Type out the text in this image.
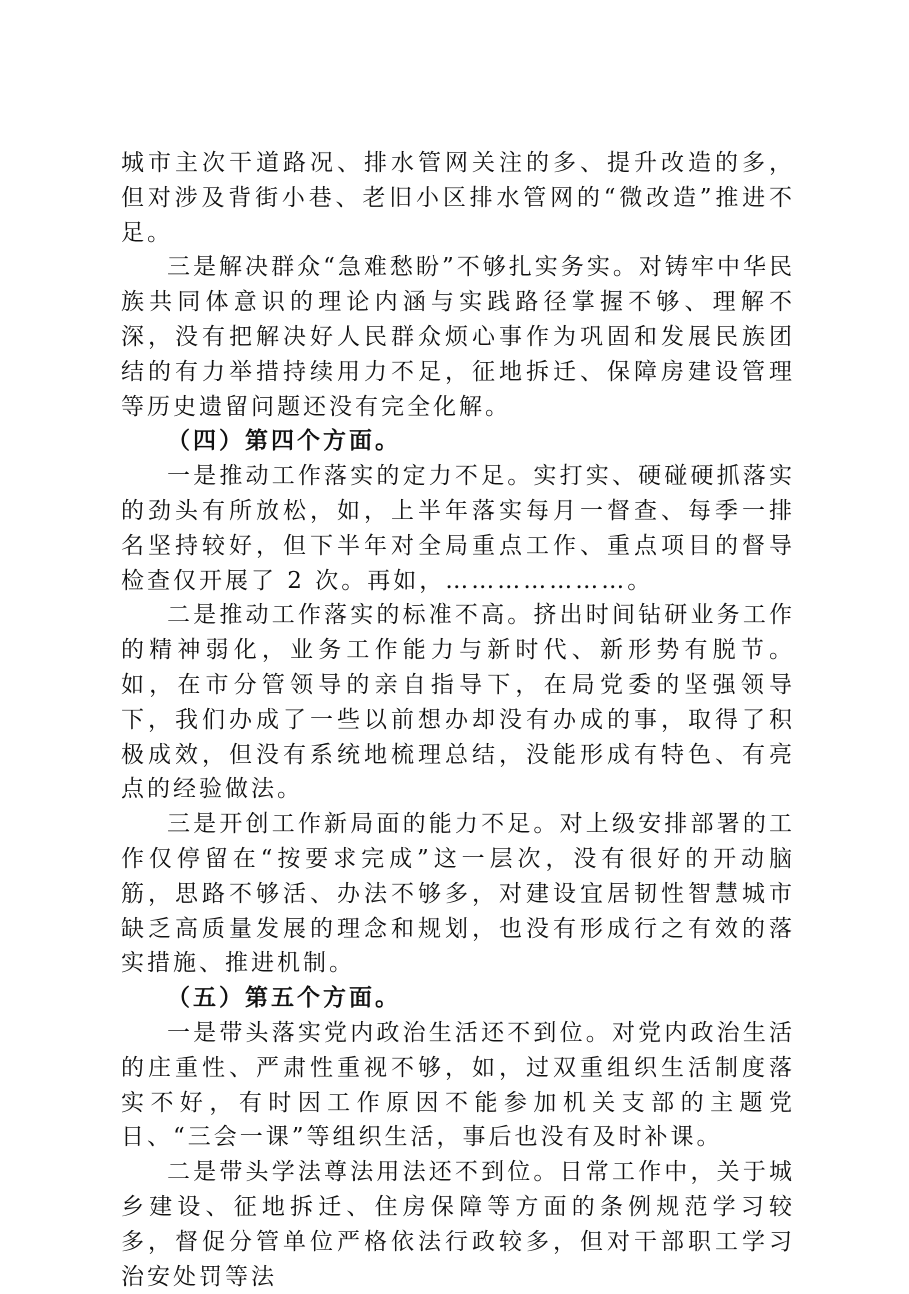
城市主次干道路况、排水管网关注的多、提升改造的多，但对涉及背街小巷、老旧小区排水管网的“微改造”推进不足。

三是解决群众“急难愁盼”不够扎实务实。对铸牢中华民族共同体意识的理论内涵与实践路径掌握不够、理解不深，没有把解决好人民群众烦心事作为巩固和发展民族团结的有力举措持续用力不足，征地拆迁、保障房建设管理等历史遗留问题还没有完全化解。

（四）第四个方面。

一是推动工作落实的定力不足。实打实、硬碰硬抓落实的劲头有所放松，如，上半年落实每月一督查、每季一排名坚持较好，但下半年对全局重点工作、重点项目的督导检查仅开展了 2 次。再如，…………………。

二是推动工作落实的标准不高。挤出时间钻研业务工作的精神弱化，业务工作能力与新时代、新形势有脱节。如，在市分管领导的亲自指导下，在局党委的坚强领导下，我们办成了一些以前想办却没有办成的事，取得了积极成效，但没有系统地梳理总结，没能形成有特色、有亮点的经验做法。

三是开创工作新局面的能力不足。对上级安排部署的工作仅停留在“按要求完成”这一层次，没有很好的开动脑筋，思路不够活、办法不够多，对建设宜居韧性智慧城市缺乏高质量发展的理念和规划，也没有形成行之有效的落实措施、推进机制。

（五）第五个方面。

一是带头落实党内政治生活还不到位。对党内政治生活的庄重性、严肃性重视不够，如，过双重组织生活制度落实不好，有时因工作原因不能参加机关支部的主题党日、“三会一课”等组织生活，事后也没有及时补课。

二是带头学法尊法用法还不到位。日常工作中，关于城乡建设、征地拆迁、住房保障等方面的条例规范学习较多，督促分管单位严格依法行政较多，但对干部职工学习治安处罚等法
